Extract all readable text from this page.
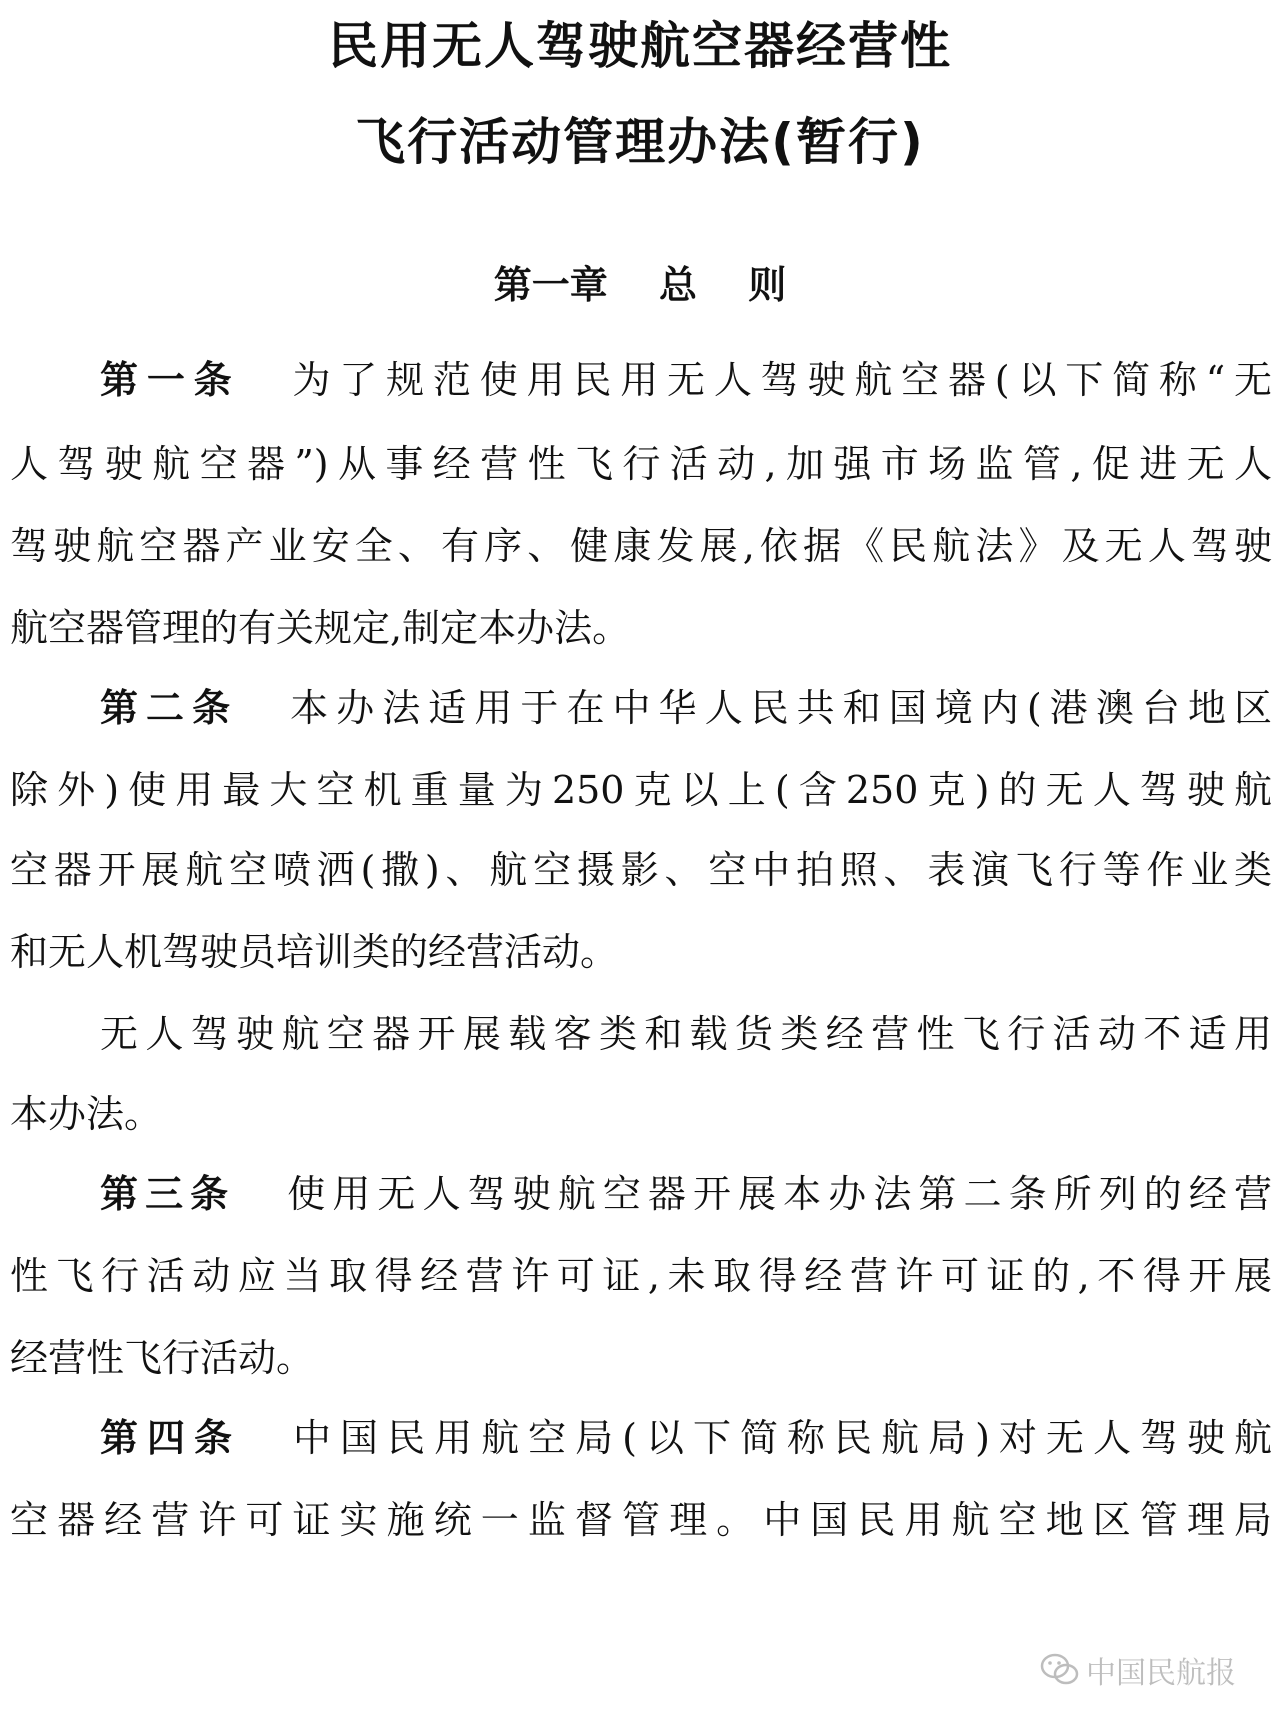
民用无人驾驶航空器经营性
飞行活动管理办法(暂行)
第一章　 总　 则
第一条 为了规范使用民用无人驾驶航空器(以下简称“无
人驾驶航空器”)从事经营性飞行活动,加强市场监管,促进无人
驾驶航空器产业安全、有序、健康发展,依据《民航法》及无人驾驶
航空器管理的有关规定,制定本办法。
第二条 本办法适用于在中华人民共和国境内(港澳台地区
除外)使用最大空机重量为250克以上(含250克)的无人驾驶航
空器开展航空喷洒(撒)、航空摄影、空中拍照、表演飞行等作业类
和无人机驾驶员培训类的经营活动。
无人驾驶航空器开展载客类和载货类经营性飞行活动不适用
本办法。
第三条 使用无人驾驶航空器开展本办法第二条所列的经营
性飞行活动应当取得经营许可证,未取得经营许可证的,不得开展
经营性飞行活动。
第四条 中国民用航空局(以下简称民航局)对无人驾驶航
空器经营许可证实施统一监督管理。中国民用航空地区管理局
中国民航报
